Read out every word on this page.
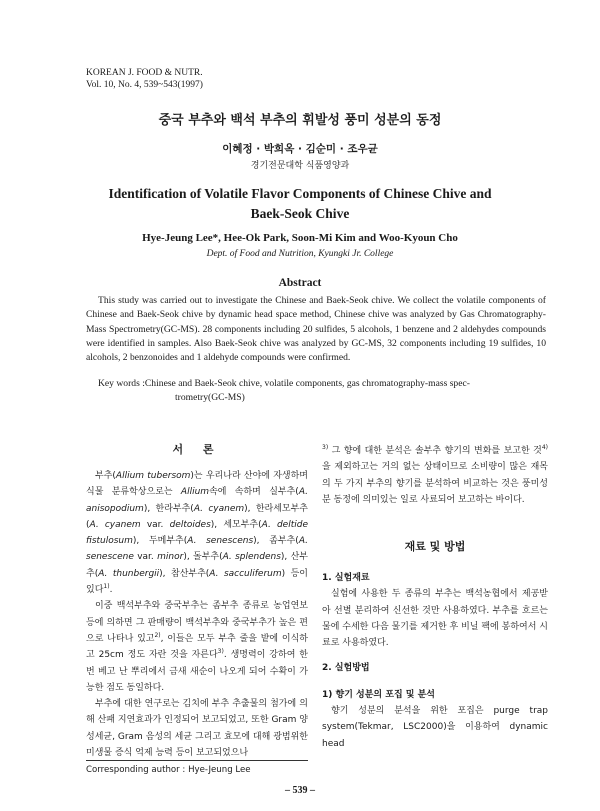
KOREAN J. FOOD & NUTR.
Vol. 10, No. 4, 539~543(1997)
중국 부추와 백석 부추의 휘발성 풍미 성분의 동정
이혜정 · 박희옥 · 김순미 · 조우균
경기전문대학 식품영양과
Identification of Volatile Flavor Components of Chinese Chive and Baek-Seok Chive
Hye-Jeung Lee*, Hee-Ok Park, Soon-Mi Kim and Woo-Kyoun Cho
Dept. of Food and Nutrition, Kyungki Jr. College
Abstract
This study was carried out to investigate the Chinese and Baek-Seok chive. We collect the volatile components of Chinese and Baek-Seok chive by dynamic head space method, Chinese chive was analyzed by Gas Chromatography-Mass Spectrometry(GC-MS). 28 components including 20 sulfides, 5 alcohols, 1 benzene and 2 aldehydes compounds were identified in samples. Also Baek-Seok chive was analyzed by GC-MS, 32 components including 19 sulfides, 10 alcohols, 2 benzonoides and 1 aldehyde compounds were confirmed.
Key words :Chinese and Baek-Seok chive, volatile components, gas chromatography-mass spec-
trometry(GC-MS)
서 론

부추(Allium tubersom)는 우리나라 산야에 자생하며 식물 분류학상으로는 Allium속에 속하며 실부추(A. anisopodium), 한라부추(A. cyanem), 한라세모부추(A. cyanem var. deltoides), 세모부추(A. deltide fistulosum), 두메부추(A. senescens), 좀부추(A. senescene var. minor), 돌부추(A. splendens), 산부추(A. thunbergii), 참산부추(A. sacculiferum) 등이 있다$^{1)}$.

이중 백석부추와 중국부추는 좀부추 종류로 농업연보등에 의하면 그 판매량이 백석부추와 중국부추가 높은 편으로 나타나 있고$^{2)}$, 이들은 모두 부추 줄을 밭에 이식하고 25cm 정도 자란 것을 자른다$^{3)}$. 생명력이 강하여 한 번 베고 난 뿌리에서 금새 새순이 나오게 되어 수확이 가능한 점도 동일하다.

부추에 대한 연구로는 김치에 부추 추출물의 첨가에 의해 산패 지연효과가 인정되어 보고되었고, 또한 Gram 양성세균, Gram 음성의 세균 그리고 효모에 대해 광범위한 미생물 증식 억제 능력 등이 보고되었으나

$^{3)}$ 그 향에 대한 분석은 솔부추 향기의 변화를 보고한 것$^{4)}$을 제외하고는 거의 없는 상태이므로 소비량이 많은 재목의 두 가지 부추의 향기를 분석하여 비교하는 것은 풍미성분 동정에 의미있는 일로 사료되어 보고하는 바이다.

재료 및 방법
1. 실험재료

실험에 사용한 두 종류의 부추는 백석농협에서 제공받아 선별 분리하여 신선한 것만 사용하였다. 부추를 흐르는 물에 수세한 다음 물기를 제거한 후 비닐 팩에 봉하여서 시료로 사용하였다.

2. 실험방법
1) 향기 성분의 포집 및 분석

향기 성분의 분석을 위한 포집은 purge trap system(Tekmar, LSC2000)을 이용하여 dynamic head

Corresponding author : Hye-Jeung Lee
– 539 –
